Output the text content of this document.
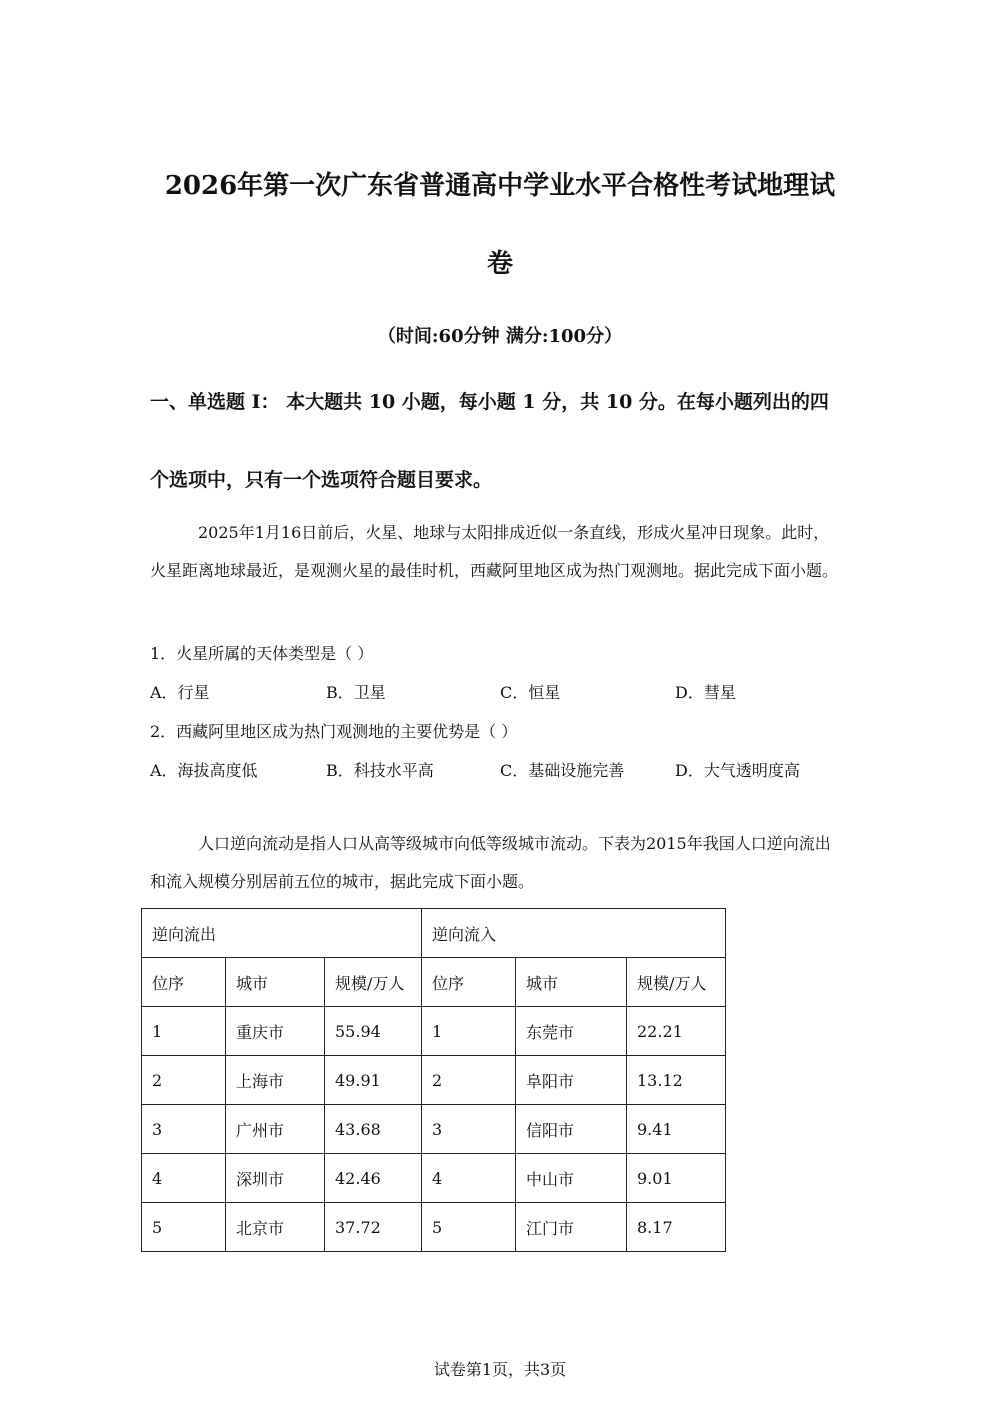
2026年第一次广东省普通高中学业水平合格性考试地理试
卷
（时间:60分钟 满分:100分）
一、单选题 I： 本大题共 10 小题，每小题 1 分，共 10 分。在每小题列出的四
个选项中，只有一个选项符合题目要求。
2025年1月16日前后，火星、地球与太阳排成近似一条直线，形成火星冲日现象。此时，火星距离地球最近，是观测火星的最佳时机，西藏阿里地区成为热门观测地。据此完成下面小题。
1．火星所属的天体类型是（ ）
A．行星	B．卫星	C．恒星	D．彗星
2．西藏阿里地区成为热门观测地的主要优势是（ ）
A．海拔高度低	B．科技水平高	C．基础设施完善	D．大气透明度高
人口逆向流动是指人口从高等级城市向低等级城市流动。下表为2015年我国人口逆向流出和流入规模分别居前五位的城市，据此完成下面小题。
逆向流出			逆向流入		
位序	城市	规模/万人	位序	城市	规模/万人
1	重庆市	55.94	1	东莞市	22.21
2	上海市	49.91	2	阜阳市	13.12
3	广州市	43.68	3	信阳市	9.41
4	深圳市	42.46	4	中山市	9.01
5	北京市	37.72	5	江门市	8.17
试卷第1页，共3页
